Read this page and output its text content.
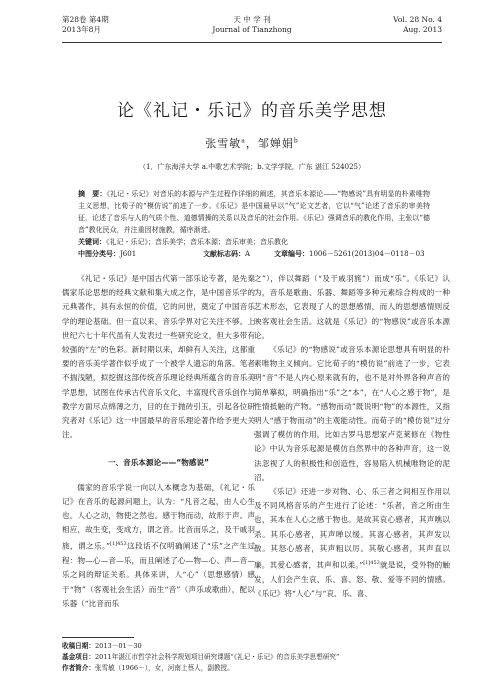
第28卷 第4期
2013年8月
天 中 学 刊
Journal of Tianzhong
Vol. 28 No. 4
Aug. 2013
论《礼记・乐记》的音乐美学思想
张雪敏$^a$，邹婵娟$^b$
（1．广东海洋大学 a.中歌艺术学院；b.文学学院，广东 湛江 524025）

摘　要：《礼记・乐记》对音乐的本源与产生过程作详细的阐述，其音乐本源论——“物感说”具有明显的朴素唯物主义思想，比荀子的“模仿说”前进了一步。《乐记》是中国最早以“气”论文艺者，它以“气”论述了音乐的审美特征，论述了音乐与人的气质个性、道德情操的关系以及音乐的社会作用。《乐记》强调音乐的教化作用，主张以“德音”教化民众，并注重因材施教，循序渐进。

关键词：《礼记・乐记》；音乐美学；音乐本源；音乐审美；音乐教化

中图分类号：J601	文献标志码：A	文章编号：1006－5261(2013)04－0118－03

《礼记・乐记》是中国古代第一部乐论专著，是先秦儒家乐论思想的经典文献和集大成之作，是中国音乐学的元典著作，具有永恒的价值，它的问世，奠定了中国音乐学的理论基础。但一直以来，音乐学界对它关注不够。上世纪六七十年代虽有人发表过一些研究论文，但大多带有较强的“左”的色彩。新时期以来，却鲜有人关注，这都重要的音乐美学著作似乎成了一个被学人遗忘的角落。笔者不揣浅陋，拟挖掘这部传统音乐理论经典所蕴含的音乐美学思想，试图在传承古代音乐文化、丰富现代音乐创作与教学方面尽点绵薄之力，目的在于抛砖引玉，引起各位研究者对《乐记》这一中国最早的音乐理论著作给予更大关注。

一、音乐本源论——“物感说”

儒家的音乐学说一向以人本概念为基础，《礼记・乐记》在音乐的起源问题上，认为：“凡音之起，由人心生也。人心之动，物使之然也。感于物而动，故形于声。声相应，故生变，变成方，谓之音。比音而乐之，及干戚羽旄，谓之乐。”$^{[1]453}$这段话不仅明确阐述了“乐”之产生过程：物—心—音—乐，而且阐述了心—物—心、声—音—乐之间的辩证关系。具体来讲，人“心”（思想感情）感于“物”（客观社会生活）而生“音”（声乐或歌曲），配以乐器（“比音而乐

之”），伴以舞蹈（“及干戚羽旄”）而成“乐”。《乐记》认为，音乐是歌曲、乐器、舞蹈等多种元素综合构成的一种艺术形态，它表现了人的思想感情，而人的思想感情则反映客观社会生活。这就是《乐记》的“物感说”或音乐本源论。

《乐记》的“物感说”或音乐本源论思想具有明显的朴素唯物主义倾向。它比荀子的“模仿说”前进了一步，它表明“音”不是人内心原来就有的，也不是对外界各种声音的简单摹拟，明确指出“乐”之“本”，在“人心之感于物”，是性情抵触的产物。“感物而动”既说明“物”的本源性，又指明人“感于物而动”的主观能动性。而荀子的“模仿说”过分强调了模仿的作用，比如古罗马思想家卢克莱修在《物性论》中认为音乐起源是模仿自然界中的各种声音，这一说法忽视了人的积极性和创造性，容易陷入机械唯物论的泥沼。

《乐记》还进一步对物、心、乐三者之间相互作用以及不同风格音乐的产生进行了论述：“乐者，音之所由生也，其本在人心之感于物也。是故其哀心感者，其声噍以杀。其乐心感者，其声啴以缓。其喜心感者，其声发以散。其怒心感者，其声粗以厉。其敬心感者，其声直以廉。其爱心感者，其声和以柔。”$^{[1]453}$就是说，受外物的触发，人们会产生哀、乐、喜、怒、敬、爱等不同的情感。《乐记》将“人心”与“哀、乐、喜、

收稿日期：2013－01－30
基金项目：2011年湛江市哲学社会科学规划项目研究课题“《礼记・乐记》的音乐美学思想研究”
作者简介：张雪敏（1966－），女，河南上蔡人，副教授。
